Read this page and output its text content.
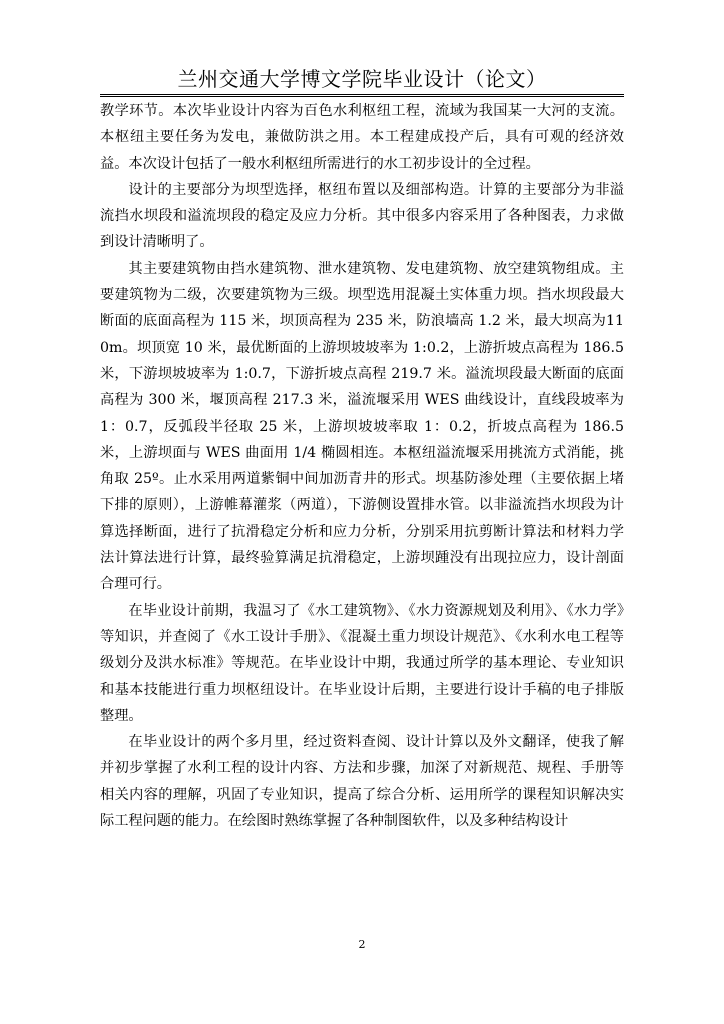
兰州交通大学博文学院毕业设计（论文）

教学环节。本次毕业设计内容为百色水利枢纽工程，流域为我国某一大河的支流。本枢纽主要任务为发电，兼做防洪之用。本工程建成投产后，具有可观的经济效益。本次设计包括了一般水利枢纽所需进行的水工初步设计的全过程。

设计的主要部分为坝型选择，枢纽布置以及细部构造。计算的主要部分为非溢流挡水坝段和溢流坝段的稳定及应力分析。其中很多内容采用了各种图表，力求做到设计清晰明了。

其主要建筑物由挡水建筑物、泄水建筑物、发电建筑物、放空建筑物组成。主要建筑物为二级，次要建筑物为三级。坝型选用混凝土实体重力坝。挡水坝段最大断面的底面高程为 115 米，坝顶高程为 235 米，防浪墙高 1.2 米，最大坝高为110m。坝顶宽 10 米，最优断面的上游坝坡坡率为 1:0.2，上游折坡点高程为 186.5 米，下游坝坡坡率为 1:0.7，下游折坡点高程 219.7 米。溢流坝段最大断面的底面高程为 300 米，堰顶高程 217.3 米，溢流堰采用 WES 曲线设计，直线段坡率为 1：0.7，反弧段半径取 25 米，上游坝坡坡率取 1：0.2，折坡点高程为 186.5 米，上游坝面与 WES 曲面用 1/4 椭圆相连。本枢纽溢流堰采用挑流方式消能，挑角取 25º。止水采用两道紫铜中间加沥青井的形式。坝基防渗处理（主要依据上堵下排的原则），上游帷幕灌浆（两道），下游侧设置排水管。以非溢流挡水坝段为计算选择断面，进行了抗滑稳定分析和应力分析，分别采用抗剪断计算法和材料力学法计算法进行计算，最终验算满足抗滑稳定，上游坝踵没有出现拉应力，设计剖面合理可行。

在毕业设计前期，我温习了《水工建筑物》、《水力资源规划及利用》、《水力学》等知识，并查阅了《水工设计手册》、《混凝土重力坝设计规范》、《水利水电工程等级划分及洪水标准》等规范。在毕业设计中期，我通过所学的基本理论、专业知识和基本技能进行重力坝枢纽设计。在毕业设计后期，主要进行设计手稿的电子排版整理。

在毕业设计的两个多月里，经过资料查阅、设计计算以及外文翻译，使我了解并初步掌握了水利工程的设计内容、方法和步骤，加深了对新规范、规程、手册等相关内容的理解，巩固了专业知识，提高了综合分析、运用所学的课程知识解决实际工程问题的能力。在绘图时熟练掌握了各种制图软件，以及多种结构设计

2
